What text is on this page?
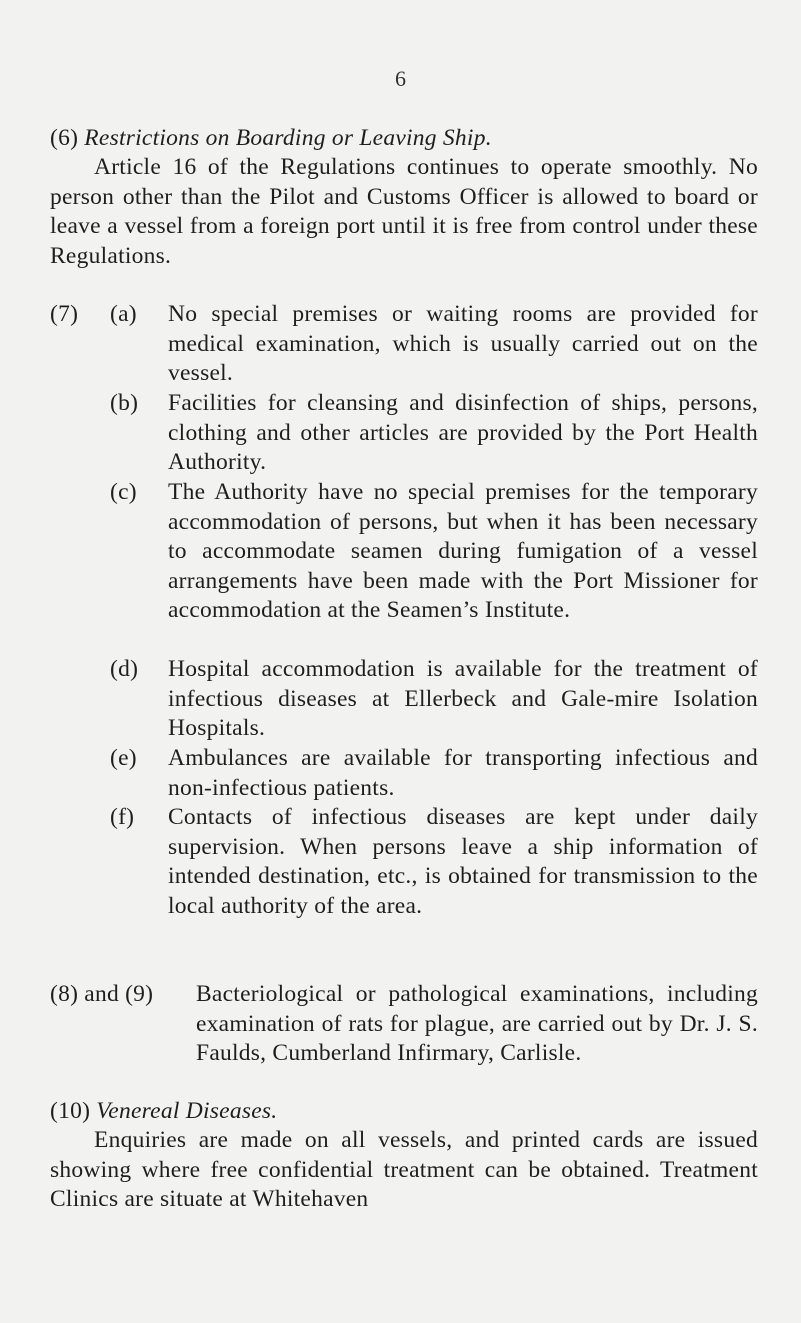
6

(6) Restrictions on Boarding or Leaving Ship.

Article 16 of the Regulations continues to operate smoothly. No person other than the Pilot and Customs Officer is allowed to board or leave a vessel from a foreign port until it is free from control under these Regulations.

(7) (a) No special premises or waiting rooms are provided for medical examination, which is usually carried out on the vessel.

(b) Facilities for cleansing and disinfection of ships, persons, clothing and other articles are provided by the Port Health Authority.

(c) The Authority have no special premises for the temporary accommodation of persons, but when it has been necessary to accommodate seamen during fumigation of a vessel arrangements have been made with the Port Missioner for accommodation at the Seamen’s Institute.

(d) Hospital accommodation is available for the treatment of infectious diseases at Ellerbeck and Gale-mire Isolation Hospitals.

(e) Ambulances are available for transporting infectious and non-infectious patients.

(f) Contacts of infectious diseases are kept under daily supervision. When persons leave a ship information of intended destination, etc., is obtained for transmission to the local authority of the area.

(8) and (9) Bacteriological or pathological examinations, including examination of rats for plague, are carried out by Dr. J. S. Faulds, Cumberland Infirmary, Carlisle.

(10) Venereal Diseases.

Enquiries are made on all vessels, and printed cards are issued showing where free confidential treatment can be obtained. Treatment Clinics are situate at Whitehaven
